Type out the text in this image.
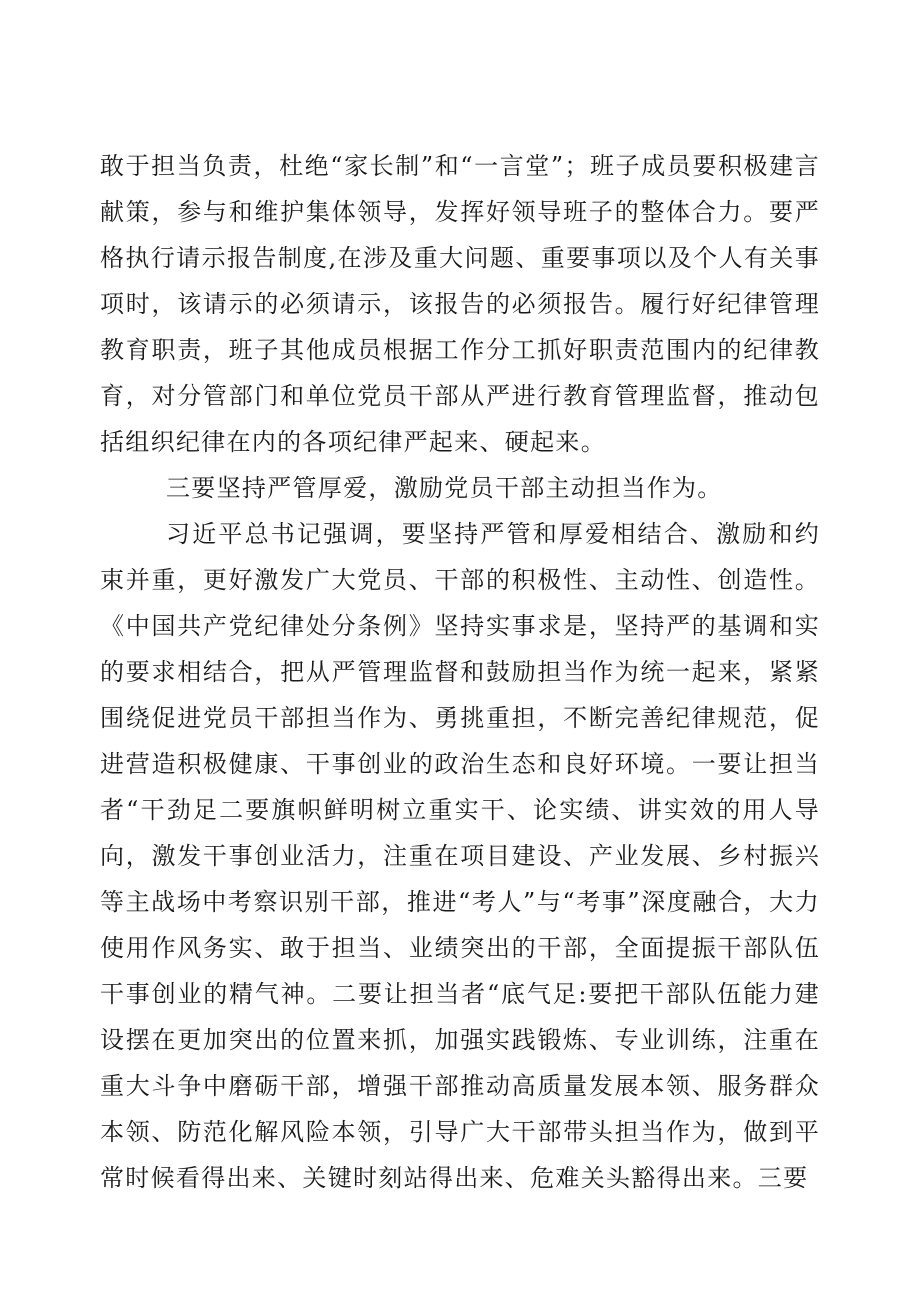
敢于担当负责，杜绝“家长制”和“一言堂”；班子成员要积极建言献策，参与和维护集体领导，发挥好领导班子的整体合力。要严格执行请示报告制度,在涉及重大问题、重要事项以及个人有关事项时，该请示的必须请示，该报告的必须报告。履行好纪律管理教育职责，班子其他成员根据工作分工抓好职责范围内的纪律教育，对分管部门和单位党员干部从严进行教育管理监督，推动包括组织纪律在内的各项纪律严起来、硬起来。

三要坚持严管厚爱，激励党员干部主动担当作为。

习近平总书记强调，要坚持严管和厚爱相结合、激励和约束并重，更好激发广大党员、干部的积极性、主动性、创造性。《中国共产党纪律处分条例》坚持实事求是，坚持严的基调和实的要求相结合，把从严管理监督和鼓励担当作为统一起来，紧紧围绕促进党员干部担当作为、勇挑重担，不断完善纪律规范，促进营造积极健康、干事创业的政治生态和良好环境。一要让担当者“干劲足二要旗帜鲜明树立重实干、论实绩、讲实效的用人导向，激发干事创业活力，注重在项目建设、产业发展、乡村振兴等主战场中考察识别干部，推进“考人”与“考事”深度融合，大力使用作风务实、敢于担当、业绩突出的干部，全面提振干部队伍干事创业的精气神。二要让担当者“底气足:要把干部队伍能力建设摆在更加突出的位置来抓，加强实践锻炼、专业训练，注重在重大斗争中磨砺干部，增强干部推动高质量发展本领、服务群众本领、防范化解风险本领，引导广大干部带头担当作为，做到平常时候看得出来、关键时刻站得出来、危难关头豁得出来。三要
